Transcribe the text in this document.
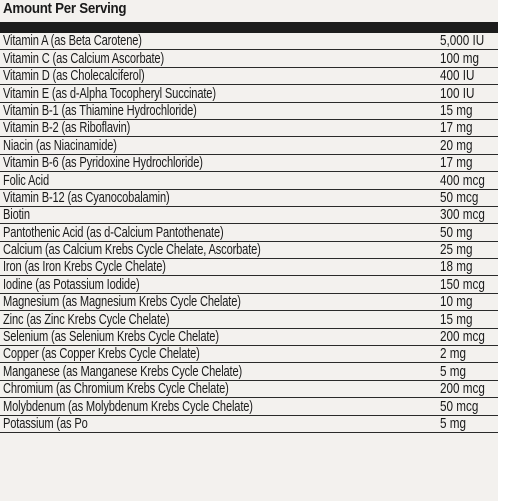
Amount Per Serving
Vitamin A (as Beta Carotene)	5,000 IU
Vitamin C (as Calcium Ascorbate)	100 mg
Vitamin D (as Cholecalciferol)	400 IU
Vitamin E (as d-Alpha Tocopheryl Succinate)	100 IU
Vitamin B-1 (as Thiamine Hydrochloride)	15 mg
Vitamin B-2 (as Riboflavin)	17 mg
Niacin (as Niacinamide)	20 mg
Vitamin B-6 (as Pyridoxine Hydrochloride)	17 mg
Folic Acid	400 mcg
Vitamin B-12 (as Cyanocobalamin)	50 mcg
Biotin	300 mcg
Pantothenic Acid (as d-Calcium Pantothenate)	50 mg
Calcium (as Calcium Krebs Cycle Chelate, Ascorbate)	25 mg
Iron (as Iron Krebs Cycle Chelate)	18 mg
Iodine (as Potassium Iodide)	150 mcg
Magnesium (as Magnesium Krebs Cycle Chelate)	10 mg
Zinc (as Zinc Krebs Cycle Chelate)	15 mg
Selenium (as Selenium Krebs Cycle Chelate)	200 mcg
Copper (as Copper Krebs Cycle Chelate)	2 mg
Manganese (as Manganese Krebs Cycle Chelate)	5 mg
Chromium (as Chromium Krebs Cycle Chelate)	200 mcg
Molybdenum (as Molybdenum Krebs Cycle Chelate)	50 mcg
Potassium (as Po	5 mg
